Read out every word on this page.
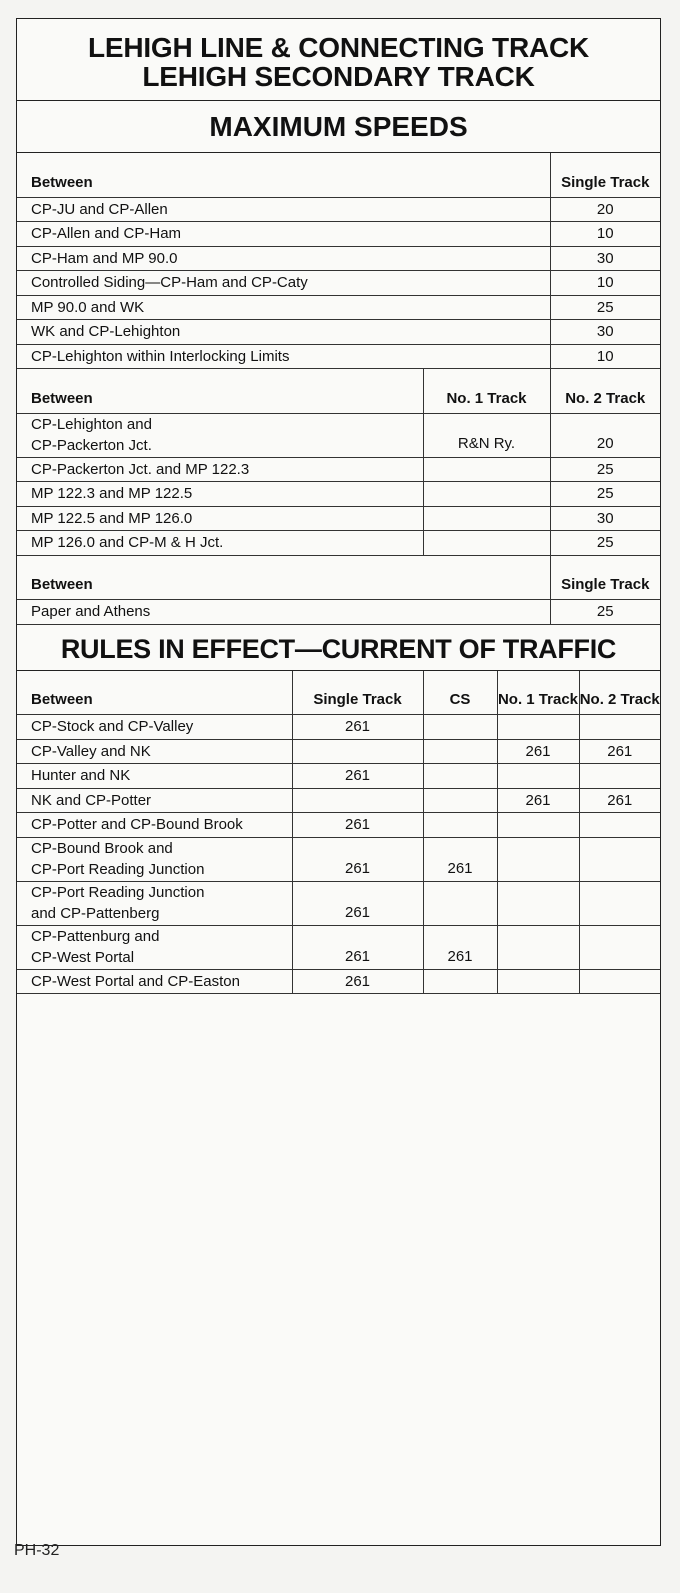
LEHIGH LINE & CONNECTING TRACK
LEHIGH SECONDARY TRACK
MAXIMUM SPEEDS
Between	Single Track
CP-JU and CP-Allen	20
CP-Allen and CP-Ham	10
CP-Ham and MP 90.0	30
Controlled Siding—CP-Ham and CP-Caty	10
MP 90.0 and WK	25
WK and CP-Lehighton	30
CP-Lehighton within Interlocking Limits	10
Between	No. 1 Track	No. 2 Track

CP-Lehighton and
CP-Packerton Jct.	R&N Ry.	20
CP-Packerton Jct. and MP 122.3		25
MP 122.3 and MP 122.5		25
MP 122.5 and MP 126.0		30
MP 126.0 and CP-M & H Jct.		25
Between	Single Track
Paper and Athens	25
RULES IN EFFECT—CURRENT OF TRAFFIC
Between	Single Track	CS	No. 1 Track	No. 2 Track
CP-Stock and CP-Valley	261			
CP-Valley and NK			261	261
Hunter and NK	261			
NK and CP-Potter			261	261
CP-Potter and CP-Bound Brook	261			

CP-Bound Brook and
CP-Port Reading Junction	261	261		

CP-Port Reading Junction
and CP-Pattenberg	261			

CP-Pattenburg and
CP-West Portal	261	261		
CP-West Portal and CP-Easton	261			
PH-32
